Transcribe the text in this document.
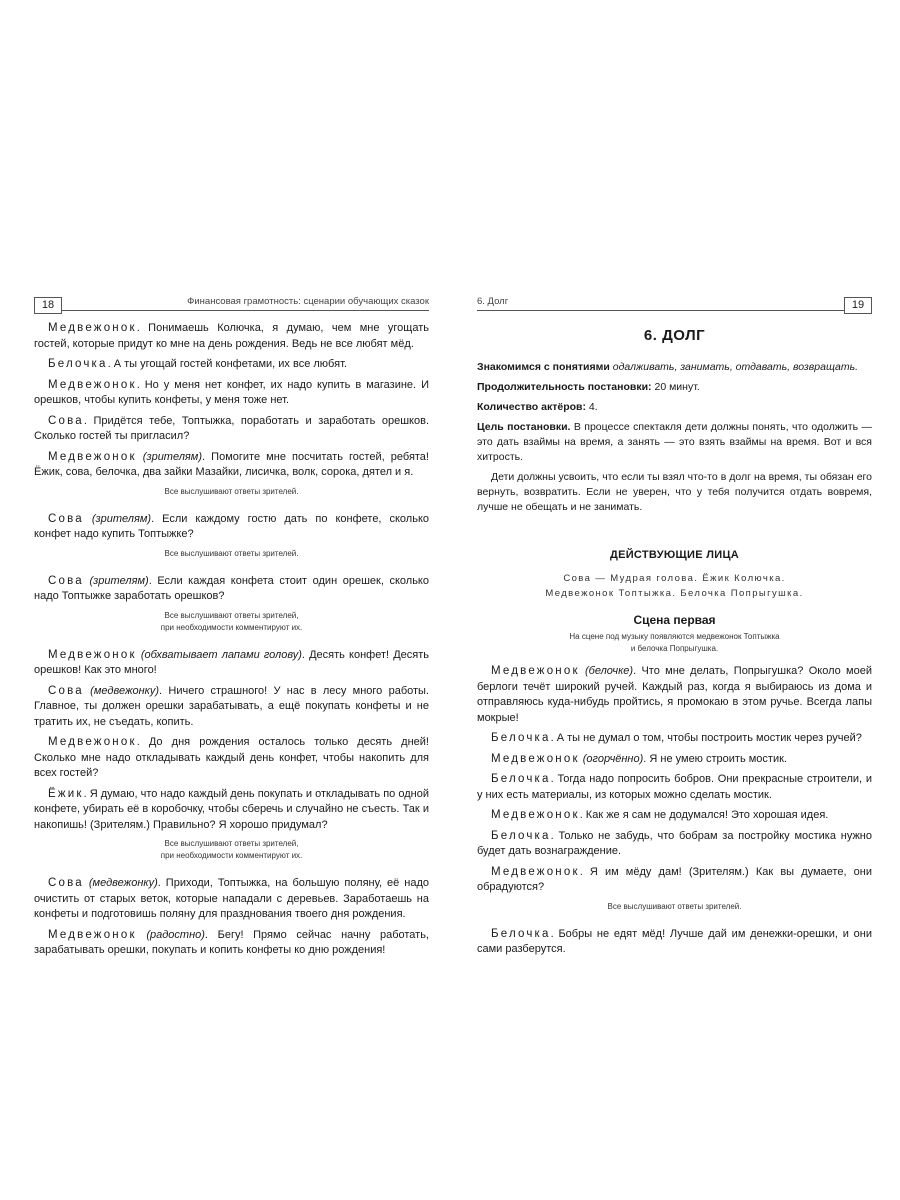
18	Финансовая грамотность: сценарии обучающих сказок

Медвежонок. Понимаешь Колючка, я думаю, чем мне угощать гостей, которые придут ко мне на день рождения. Ведь не все любят мёд.

Белочка. А ты угощай гостей конфетами, их все любят.

Медвежонок. Но у меня нет конфет, их надо купить в магазине. И орешков, чтобы купить конфеты, у меня тоже нет.

Сова. Придётся тебе, Топтыжка, поработать и заработать орешков. Сколько гостей ты пригласил?

Медвежонок (зрителям). Помогите мне посчитать гостей, ребята! Ёжик, сова, белочка, два зайки Мазайки, лисичка, волк, сорока, дятел и я.

Все выслушивают ответы зрителей.

Сова (зрителям). Если каждому гостю дать по конфете, сколько конфет надо купить Топтыжке?

Все выслушивают ответы зрителей.

Сова (зрителям). Если каждая конфета стоит один орешек, сколько надо Топтыжке заработать орешков?

Все выслушивают ответы зрителей,
при необходимости комментируют их.

Медвежонок (обхватывает лапами голову). Десять конфет! Десять орешков! Как это много!

Сова (медвежонку). Ничего страшного! У нас в лесу много работы. Главное, ты должен орешки зарабатывать, а ещё покупать конфеты и не тратить их, не съедать, копить.

Медвежонок. До дня рождения осталось только десять дней! Сколько мне надо откладывать каждый день конфет, чтобы накопить для всех гостей?

Ёжик. Я думаю, что надо каждый день покупать и откладывать по одной конфете, убирать её в коробочку, чтобы сберечь и случайно не съесть. Так и накопишь! (Зрителям.) Правильно? Я хорошо придумал?

Все выслушивают ответы зрителей,
при необходимости комментируют их.

Сова (медвежонку). Приходи, Топтыжка, на большую поляну, её надо очистить от старых веток, которые нападали с деревьев. Заработаешь на конфеты и подготовишь поляну для празднования твоего дня рождения.

Медвежонок (радостно). Бегу! Прямо сейчас начну работать, зарабатывать орешки, покупать и копить конфеты ко дню рождения!

6. Долг	19
6. ДОЛГ

Знакомимся с понятиями одалживать, занимать, отдавать, возвращать.

Продолжительность постановки: 20 минут.

Количество актёров: 4.

Цель постановки. В процессе спектакля дети должны понять, что одолжить — это дать взаймы на время, а занять — это взять взаймы на время. Вот и вся хитрость.

Дети должны усвоить, что если ты взял что-то в долг на время, ты обязан его вернуть, возвратить. Если не уверен, что у тебя получится отдать вовремя, лучше не обещать и не занимать.

ДЕЙСТВУЮЩИЕ ЛИЦА

Сова — Мудрая голова. Ёжик Колючка.

Медвежонок Топтыжка. Белочка Попрыгушка.

Сцена первая
На сцене под музыку появляются медвежонок Топтыжка
и белочка Попрыгушка.

Медвежонок (белочке). Что мне делать, Попрыгушка? Около моей берлоги течёт широкий ручей. Каждый раз, когда я выбираюсь из дома и отправляюсь куда-нибудь пройтись, я промокаю в этом ручье. Всегда лапы мокрые!

Белочка. А ты не думал о том, чтобы построить мостик через ручей?

Медвежонок (огорчённо). Я не умею строить мостик.

Белочка. Тогда надо попросить бобров. Они прекрасные строители, и у них есть материалы, из которых можно сделать мостик.

Медвежонок. Как же я сам не додумался! Это хорошая идея.

Белочка. Только не забудь, что бобрам за постройку мостика нужно будет дать вознаграждение.

Медвежонок. Я им мёду дам! (Зрителям.) Как вы думаете, они обрадуются?

Все выслушивают ответы зрителей.

Белочка. Бобры не едят мёд! Лучше дай им денежки-орешки, и они сами разберутся.
